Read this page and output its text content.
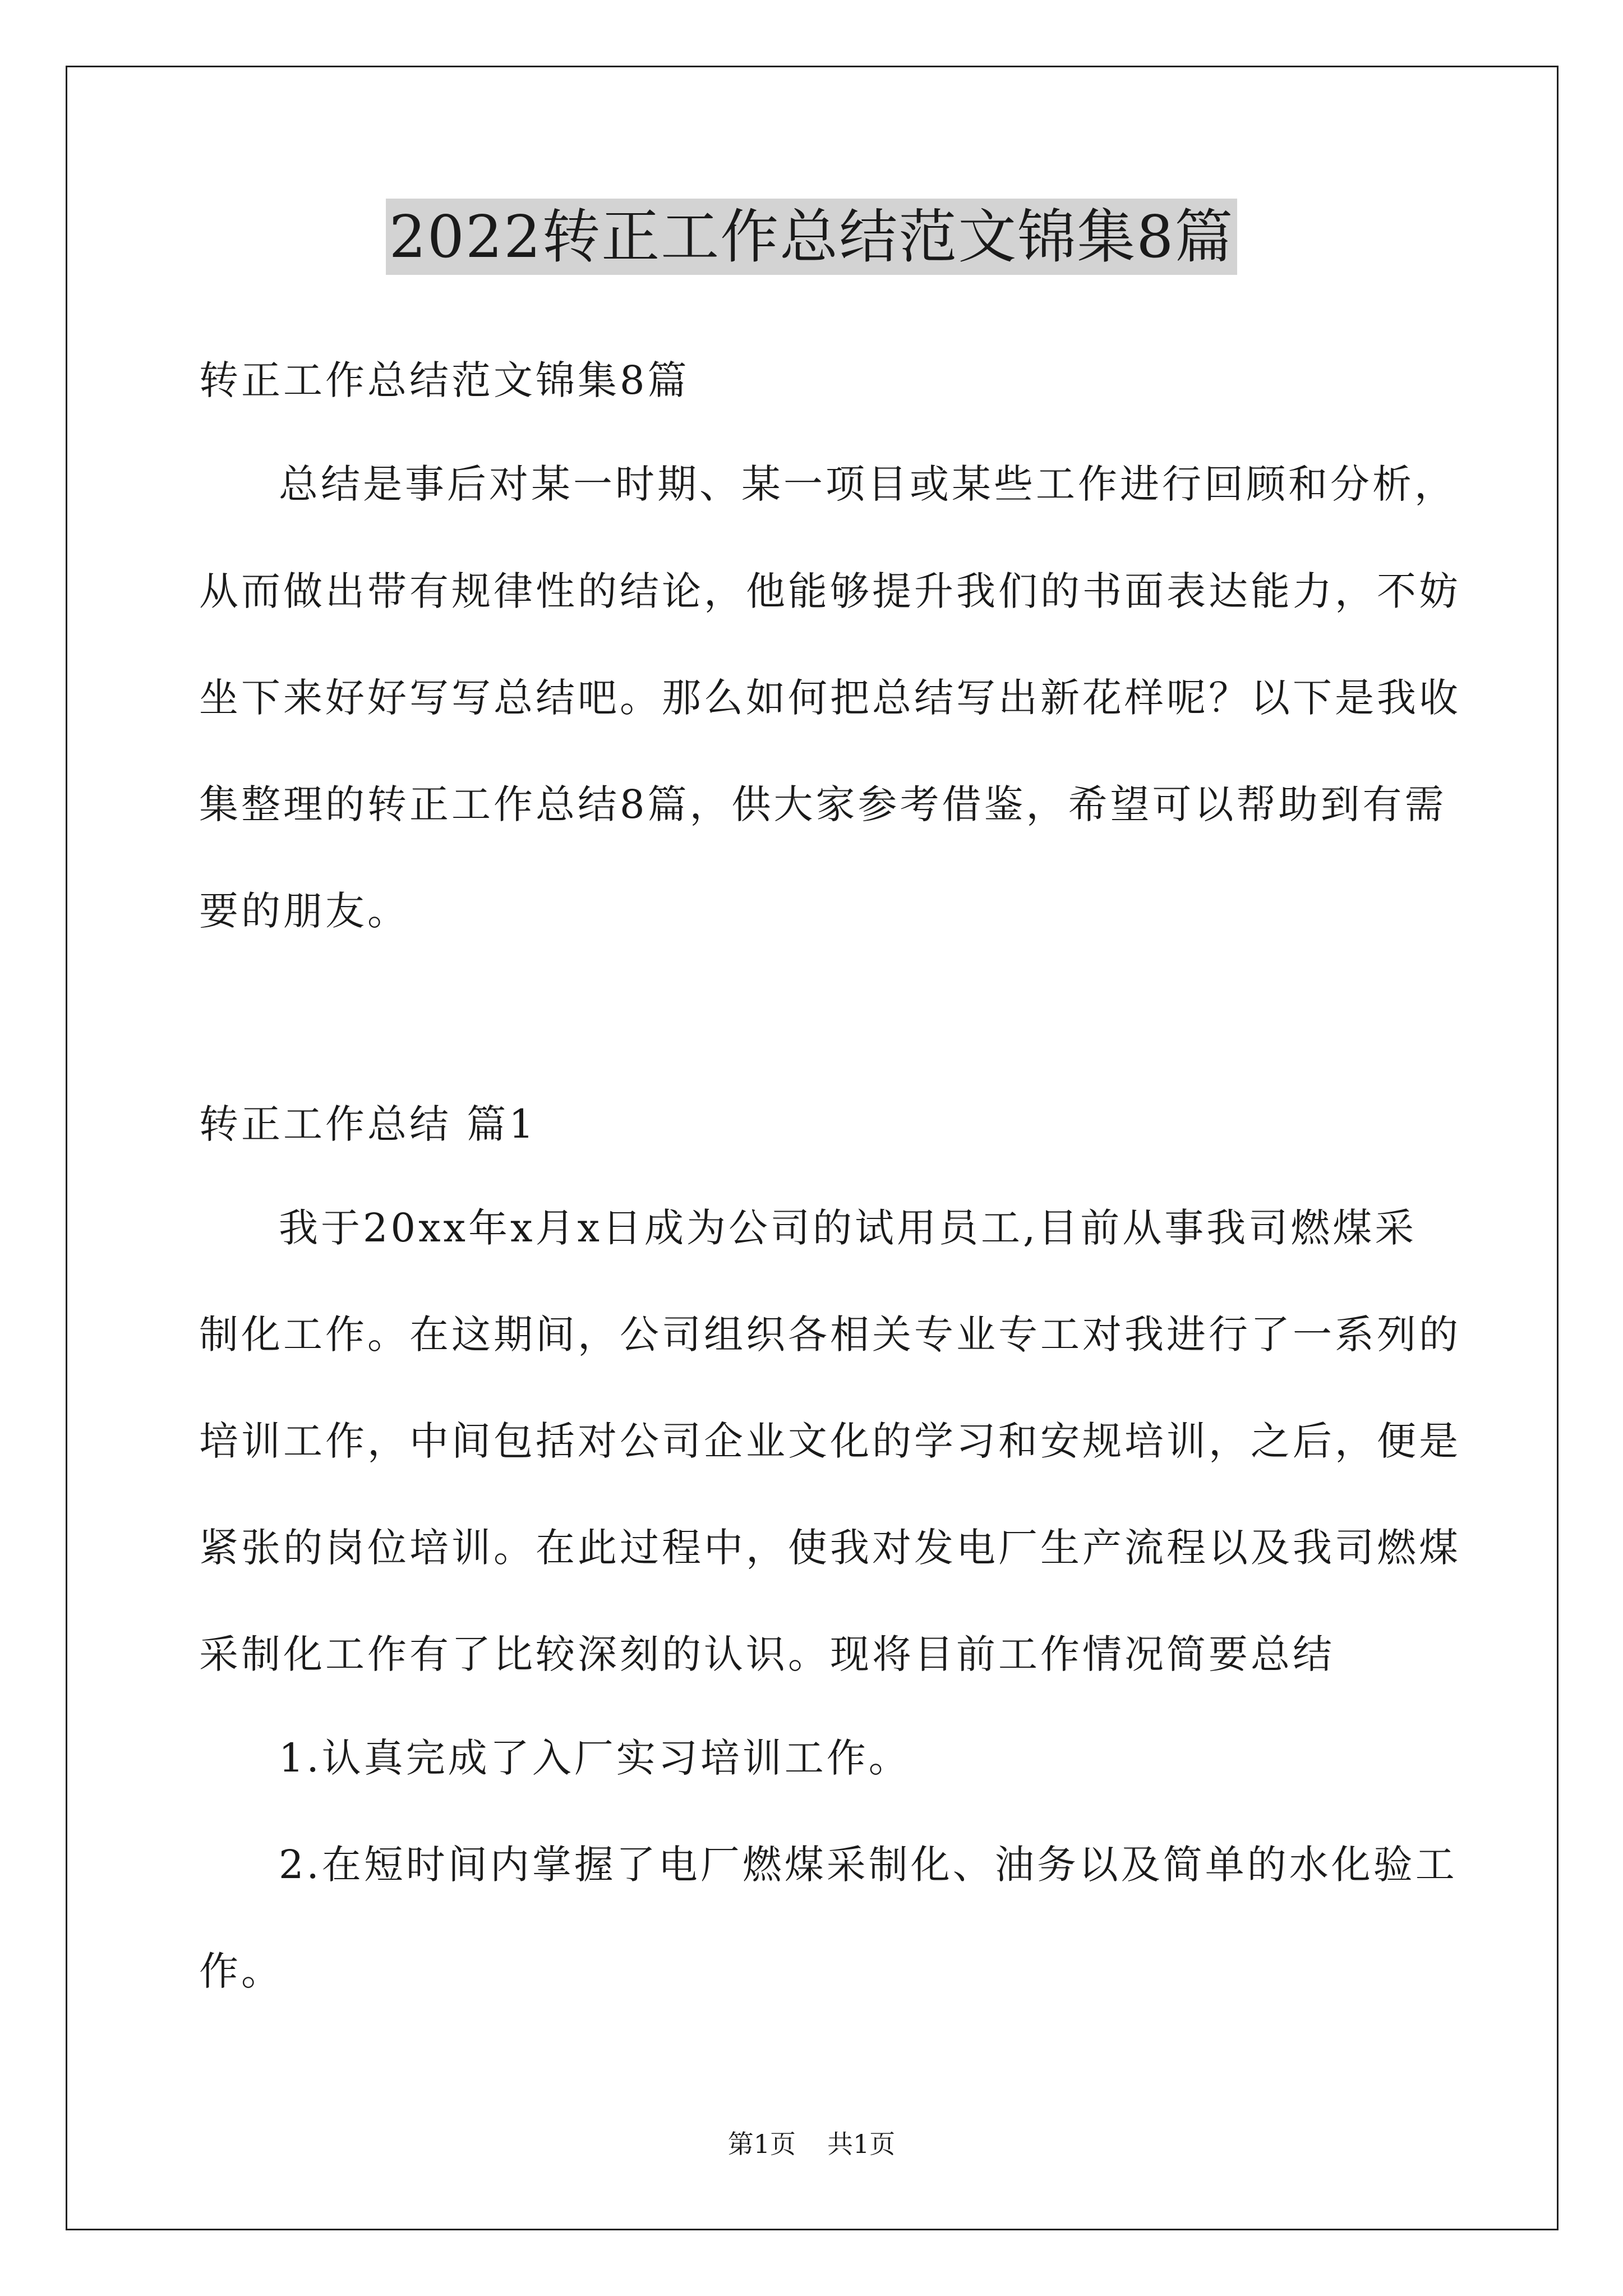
2022转正工作总结范文锦集8篇
转正工作总结范文锦集8篇
总结是事后对某一时期、某一项目或某些工作进行回顾和分析，
从而做出带有规律性的结论，他能够提升我们的书面表达能力，不妨
坐下来好好写写总结吧。那么如何把总结写出新花样呢？以下是我收
集整理的转正工作总结8篇，供大家参考借鉴，希望可以帮助到有需
要的朋友。
转正工作总结 篇1
我于20xx年x月x日成为公司的试用员工,目前从事我司燃煤采
制化工作。在这期间，公司组织各相关专业专工对我进行了一系列的
培训工作，中间包括对公司企业文化的学习和安规培训，之后，便是
紧张的岗位培训。在此过程中，使我对发电厂生产流程以及我司燃煤
采制化工作有了比较深刻的认识。现将目前工作情况简要总结
1.认真完成了入厂实习培训工作。
2.在短时间内掌握了电厂燃煤采制化、油务以及简单的水化验工
作。
第1页 共1页
